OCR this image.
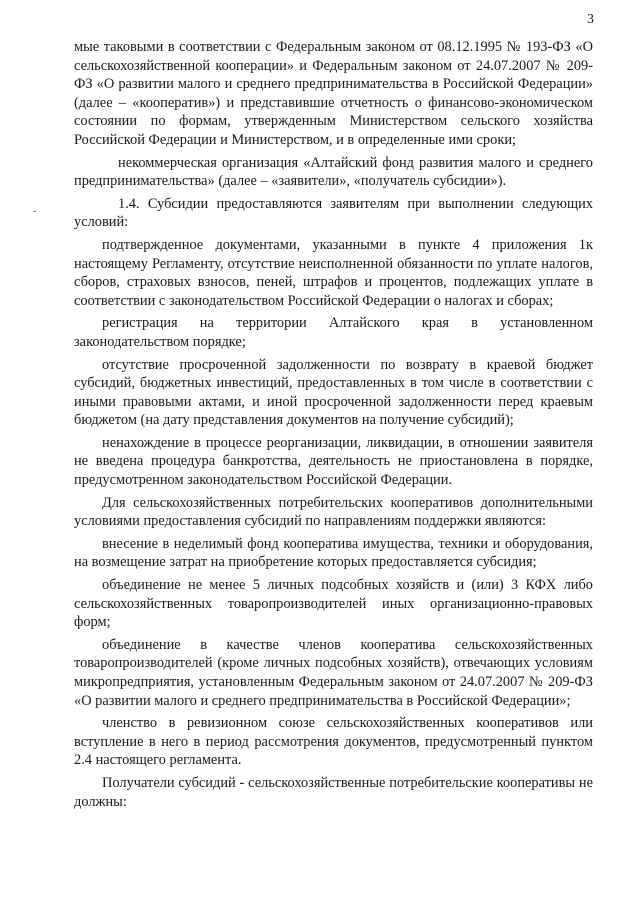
3

мые таковыми в соответствии с Федеральным законом от 08.12.1995 № 193-ФЗ «О сельскохозяйственной кооперации» и Федеральным законом от 24.07.2007 № 209-ФЗ «О развитии малого и среднего предпринимательства в Российской Федерации» (далее – «кооператив») и представившие отчетность о финансово-экономическом состоянии по формам, утвержденным Министерством сельского хозяйства Российской Федерации и Министерством, и в определенные ими сроки;

некоммерческая организация «Алтайский фонд развития малого и среднего предпринимательства» (далее – «заявители», «получатель субсидии»).

1.4. Субсидии предоставляются заявителям при выполнении следующих условий:

подтвержденное документами, указанными в пункте 4 приложения 1к настоящему Регламенту, отсутствие неисполненной обязанности по уплате налогов, сборов, страховых взносов, пеней, штрафов и процентов, подлежащих уплате в соответствии с законодательством Российской Федерации о налогах и сборах;

регистрация на территории Алтайского края в установленном законодательством порядке;

отсутствие просроченной задолженности по возврату в краевой бюджет субсидий, бюджетных инвестиций, предоставленных в том числе в соответствии с иными правовыми актами, и иной просроченной задолженности перед краевым бюджетом (на дату представления документов на получение субсидий);

ненахождение в процессе реорганизации, ликвидации, в отношении заявителя не введена процедура банкротства, деятельность не приостановлена в порядке, предусмотренном законодательством Российской Федерации.

Для сельскохозяйственных потребительских кооперативов дополнительными условиями предоставления субсидий по направлениям поддержки являются:

внесение в неделимый фонд кооператива имущества, техники и оборудования, на возмещение затрат на приобретение которых предоставляется субсидия;

объединение не менее 5 личных подсобных хозяйств и (или) 3 КФХ либо сельскохозяйственных товаропроизводителей иных организационно-правовых форм;

объединение в качестве членов кооператива сельскохозяйственных товаропроизводителей (кроме личных подсобных хозяйств), отвечающих условиям микропредприятия, установленным Федеральным законом от 24.07.2007 № 209-ФЗ «О развитии малого и среднего предпринимательства в Российской Федерации»;

членство в ревизионном союзе сельскохозяйственных кооперативов или вступление в него в период рассмотрения документов, предусмотренный пунктом 2.4 настоящего регламента.

Получатели субсидий - сельскохозяйственные потребительские кооперативы не должны:
